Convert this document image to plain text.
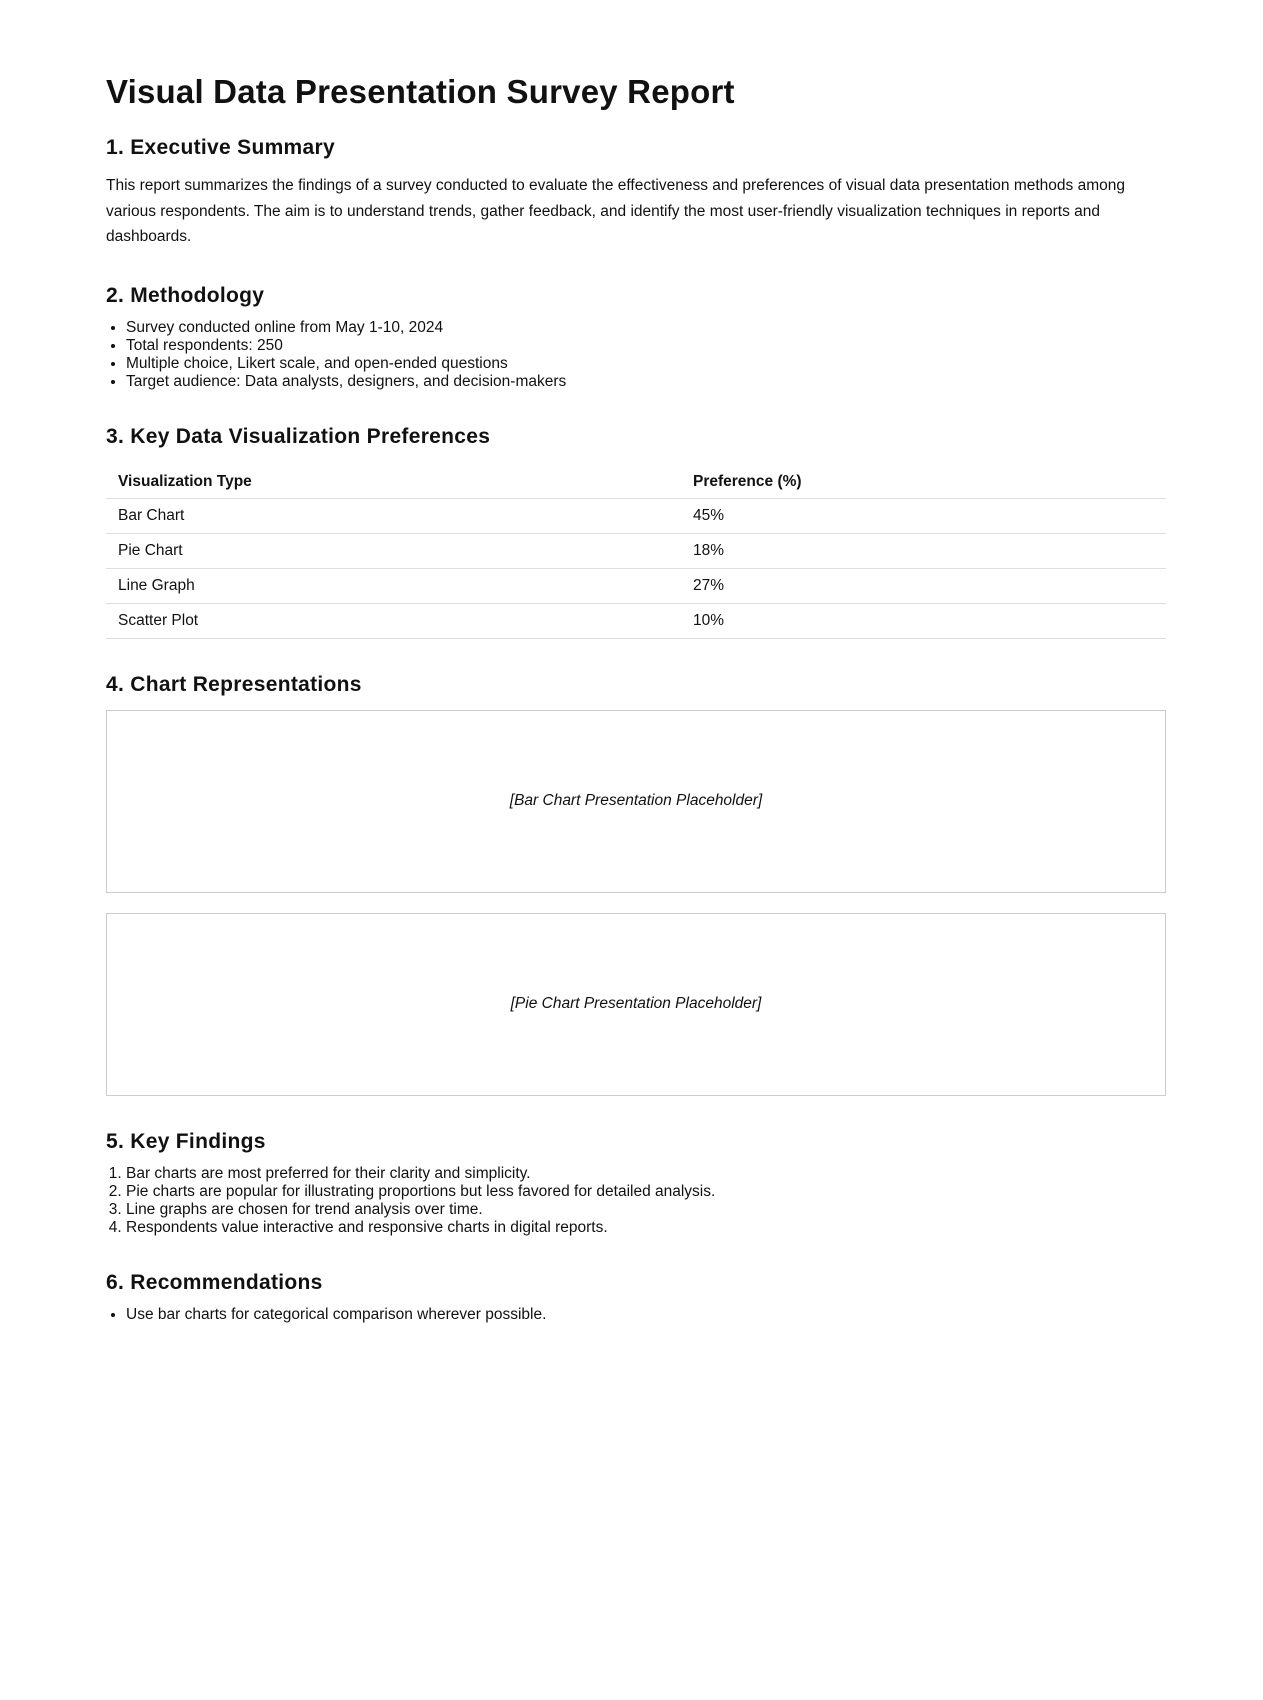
Visual Data Presentation Survey Report
1. Executive Summary

This report summarizes the findings of a survey conducted to evaluate the effectiveness and preferences of visual data presentation methods among various respondents. The aim is to understand trends, gather feedback, and identify the most user-friendly visualization techniques in reports and dashboards.

2. Methodology
• Survey conducted online from May 1-10, 2024
• Total respondents: 250
• Multiple choice, Likert scale, and open-ended questions
• Target audience: Data analysts, designers, and decision-makers
3. Key Data Visualization Preferences
Visualization Type	Preference (%)
Bar Chart	45%
Pie Chart	18%
Line Graph	27%
Scatter Plot	10%
4. Chart Representations
[Bar Chart Presentation Placeholder]
[Pie Chart Presentation Placeholder]
5. Key Findings
1. Bar charts are most preferred for their clarity and simplicity.
2. Pie charts are popular for illustrating proportions but less favored for detailed analysis.
3. Line graphs are chosen for trend analysis over time.
4. Respondents value interactive and responsive charts in digital reports.
6. Recommendations
• Use bar charts for categorical comparison wherever possible.
